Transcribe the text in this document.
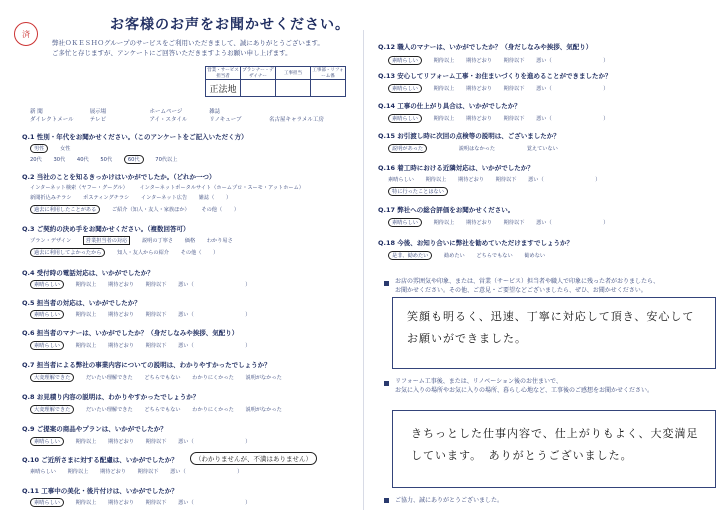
済
お客様のお声をお聞かせください。
弊社ＯＫＥＳＨＯグループのサービスをご利用いただきまして、誠にありがとうございます。
ご多忙と存じますが、アンケートにご回答いただきますようお願い申し上げます。
営業・サービス担当者	プランナー・デザイナー	工事担当	工事部・リフォーム係
正法地			
新 聞	展示場	ホームページ	雑誌
ダイレクトメール	テレビ	アイ・スタイル	リノキューブ	名古屋キャラメル工房
Q.1 性別・年代をお聞かせください。（このアンケートをご記入いただく方）
男性	女性
20代 30代 40代 50代	60代	70代以上
Q.2 当社のことを知るきっかけはいかがでしたか。（どれか一つ）
インターネット検索（ヤフー・グーグル） インターネットポータルサイト（ホームプロ・スーモ・アットホーム）
新聞折込みチラシ ポスティングチラシ インターネット広告 雑誌（ ）
過去に利用したことがある	ご紹介（知人・友人・家族ほか） その他（ ）
Q.3 ご契約の決め手をお聞かせください。（複数回答可）
プラン・デザイン	営業担当者の対応	説明の丁寧さ 価格 わかり易さ
過去に利用してよかったから	知人・友人からの紹介 その他（ ）
Q.4 受付時の電話対応は、いかがでしたか？
素晴らしい	期待以上 期待どおり 期待以下 悪い（	）
Q.5 担当者の対応は、いかがでしたか？
素晴らしい	期待以上 期待どおり 期待以下 悪い（	）
Q.6 担当者のマナーは、いかがでしたか？（身だしなみや挨拶、気配り）
素晴らしい	期待以上 期待どおり 期待以下 悪い（	）
Q.7 担当者による弊社の事業内容についての説明は、わかりやすかったでしょうか？
大変理解できた	だいたい理解できた どちらでもない わかりにくかった 説明がなかった
Q.8 お見積り内容の説明は、わかりやすかったでしょうか？
大変理解できた	だいたい理解できた どちらでもない わかりにくかった 説明がなかった
Q.9 ご提案の商品やプランは、いかがでしたか？
素晴らしい	期待以上 期待どおり 期待以下 悪い（	）
Q.10 ご近所さまに対する配慮は、いかがでしたか？	（わかりませんが、不満はありません）
素晴らしい 期待以上 期待どおり 期待以下 悪い（	）
Q.11 工事中の美化・後片付けは、いかがでしたか？
素晴らしい	期待以上 期待どおり 期待以下 悪い（	）
Q.12 職人のマナーは、いかがでしたか？（身だしなみや挨拶、気配り）
素晴らしい	期待以上 期待どおり 期待以下 悪い（	）
Q.13 安心してリフォーム工事・お住まいづくりを進めることができましたか？
素晴らしい	期待以上 期待どおり 期待以下 悪い（	）
Q.14 工事の仕上がり具合は、いかがでしたか？
素晴らしい	期待以上 期待どおり 期待以下 悪い（	）
Q.15 お引渡し時に次回の点検等の説明は、ございましたか？
説明があった	説明はなかった	覚えていない
Q.16 着工時における近隣対応は、いかがでしたか？
素晴らしい 期待以上 期待どおり 期待以下 悪い（	）
特に行ったことはない
Q.17 弊社への総合評価をお聞かせください。
素晴らしい	期待以上 期待どおり 期待以下 悪い（	）
Q.18 今後、お知り合いに弊社を勧めていただけますでしょうか？
是非、勧めたい	勧めたい どちらでもない 勧めない
お店の雰囲気や印象、または、営業（サービス）担当者や職人で印象に残った者がおりましたら、
お聞かせください。その他、ご意見・ご要望などございましたら、ぜひ、お聞かせください。
笑顔も明るく、迅速、丁寧に対応して頂き、安心して
お願いができました。
リフォーム工事後、または、リノベーション後のお住まいで、
お気に入りの場所やお気に入りの場所、暮らし心地など、工事後のご感想をお聞かせください。
きちっとした仕事内容で、仕上がりもよく、大変満足
しています。　ありがとうございました。
ご協力、誠にありがとうございました。
